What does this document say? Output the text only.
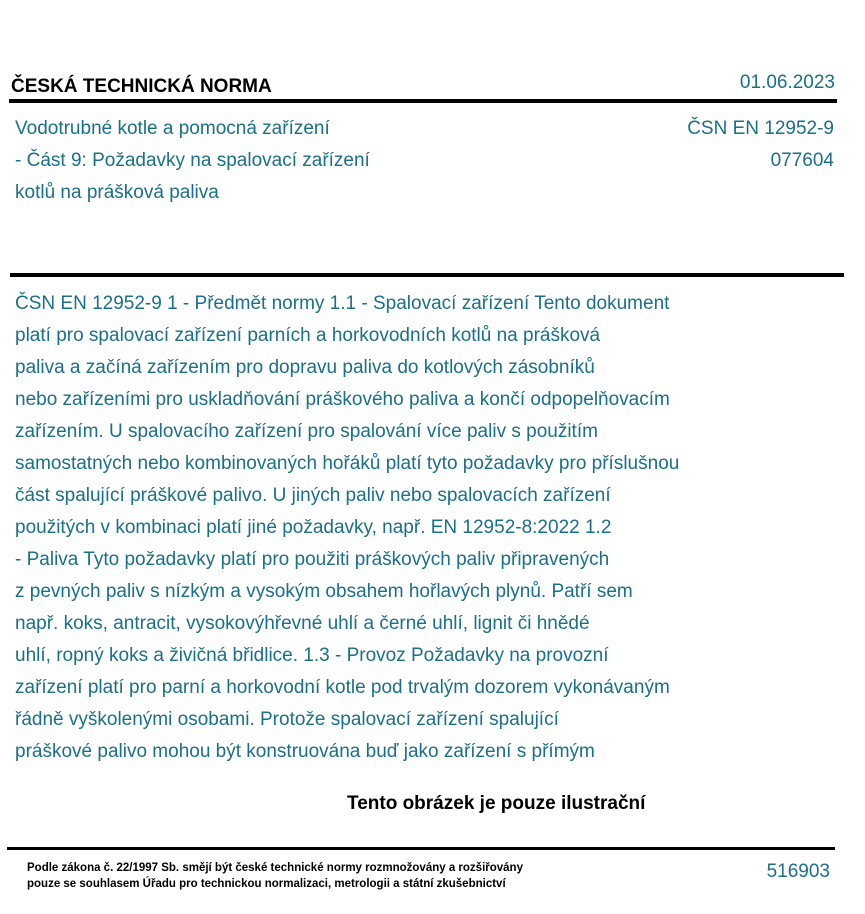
ČESKÁ TECHNICKÁ NORMA	01.06.2023
Vodotrubné kotle a pomocná zařízení
- Část 9: Požadavky na spalovací zařízení
kotlů na prášková paliva
ČSN EN 12952-9
077604
ČSN EN 12952-9 1 - Předmět normy 1.1 - Spalovací zařízení Tento dokument
platí pro spalovací zařízení parních a horkovodních kotlů na prášková
paliva a začíná zařízením pro dopravu paliva do kotlových zásobníků
nebo zařízeními pro uskladňování práškového paliva a končí odpopelňovacím
zařízením. U spalovacího zařízení pro spalování více paliv s použitím
samostatných nebo kombinovaných hořáků platí tyto požadavky pro příslušnou
část spalující práškové palivo. U jiných paliv nebo spalovacích zařízení
použitých v kombinaci platí jiné požadavky, např. EN 12952-8:2022 1.2
- Paliva Tyto požadavky platí pro použiti práškových paliv připravených
z pevných paliv s nízkým a vysokým obsahem hořlavých plynů. Patří sem
např. koks, antracit, vysokovýhřevné uhlí a černé uhlí, lignit či hnědé
uhlí, ropný koks a živičná břidlice. 1.3 - Provoz Požadavky na provozní
zařízení platí pro parní a horkovodní kotle pod trvalým dozorem vykonávaným
řádně vyškolenými osobami. Protože spalovací zařízení spalující
práškové palivo mohou být konstruována buď jako zařízení s přímým
Tento obrázek je pouze ilustrační
Podle zákona č. 22/1997 Sb. smějí být české technické normy rozmnožovány a rozšiřovány
pouze se souhlasem Úřadu pro technickou normalizaci, metrologii a státní zkušebnictví
516903
